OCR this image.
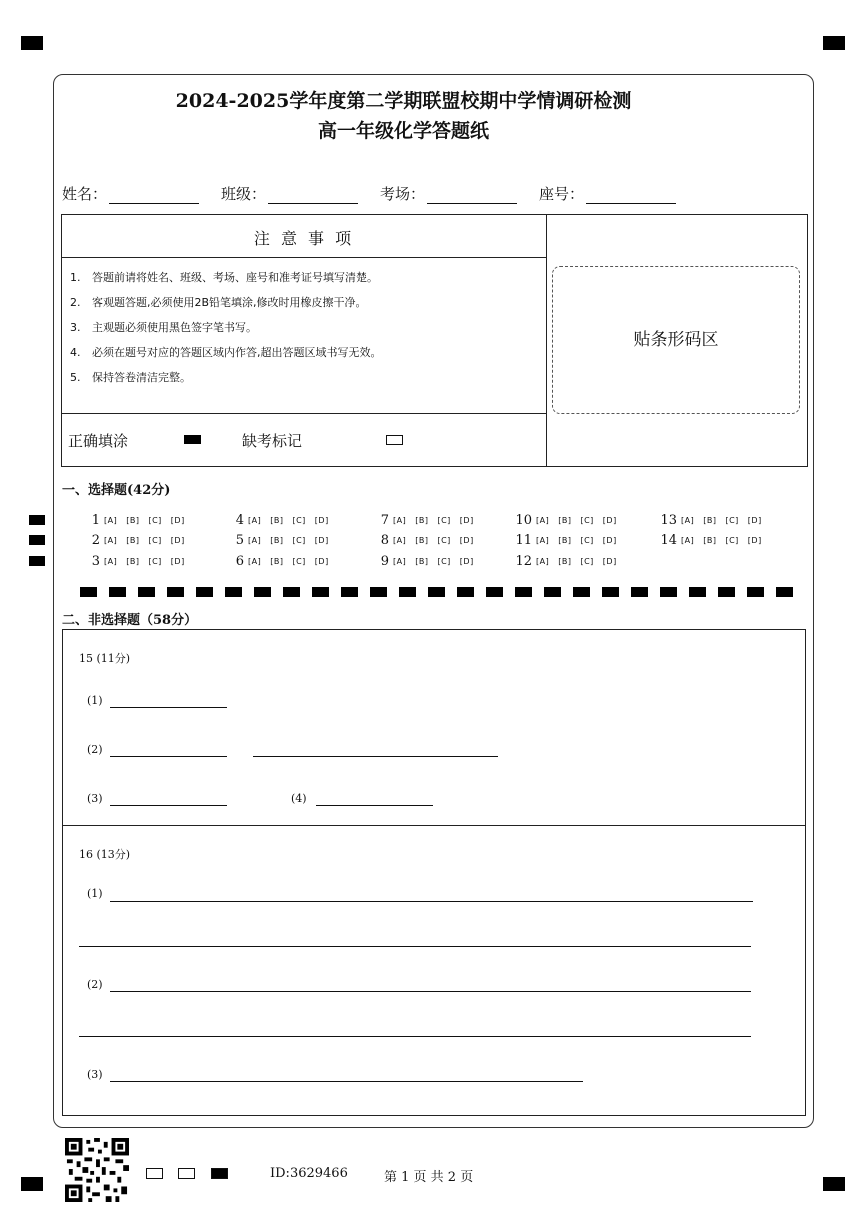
2024-2025学年度第二学期联盟校期中学情调研检测
高一年级化学答题纸
姓名：	班级：	考场：	座号：
注 意 事 项
1. 答题前请将姓名、班级、考场、座号和准考证号填写清楚。
2. 客观题答题,必须使用2B铅笔填涂,修改时用橡皮擦干净。
3. 主观题必须使用黑色签字笔书写。
4. 必须在题号对应的答题区域内作答,超出答题区域书写无效。
5. 保持答卷清洁完整。
正确填涂	缺考标记
贴条形码区
一、选择题(42分)
1 [A] [B] [C] [D]
2 [A] [B] [C] [D]
3 [A] [B] [C] [D]
4 [A] [B] [C] [D]
5 [A] [B] [C] [D]
6 [A] [B] [C] [D]
7 [A] [B] [C] [D]
8 [A] [B] [C] [D]
9 [A] [B] [C] [D]
10 [A] [B] [C] [D]
11 [A] [B] [C] [D]
12 [A] [B] [C] [D]
13 [A] [B] [C] [D]
14 [A] [B] [C] [D]
二、非选择题（58分）
15 (11分)
(1)
(2)
(3)	(4)
16 (13分)
(1)
(2)
(3)
ID:3629466	第 1 页 共 2 页
